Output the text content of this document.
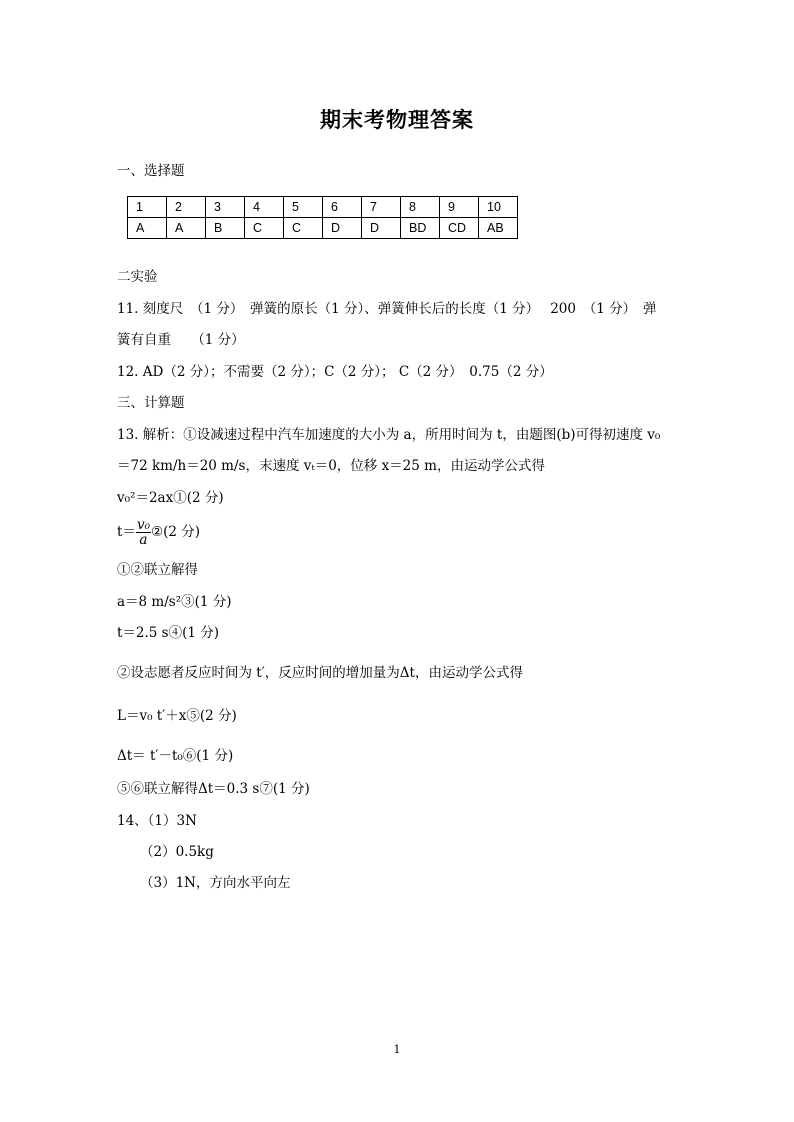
期末考物理答案
一、选择题
1	2	3	4	5	6	7	8	9	10
A	A	B	C	C	D	D	BD	CD	AB
二实验
11. 刻度尺　（1 分）　弹簧的原长（1 分）、弹簧伸长后的长度（1 分）　 200　（1 分）　弹
簧有自重　　（1 分）
12. AD（2 分）；不需要（2 分）；C（2 分）； C（2 分）　0.75（2 分）
三、计算题
13. 解析：①设减速过程中汽车加速度的大小为 a，所用时间为 t，由题图(b)可得初速度 v₀
＝72 km/h＝20 m/s，末速度 vₜ＝0，位移 x＝25 m，由运动学公式得
v₀²＝2ax①(2 分)
$t= \frac{\text{v₀}}{a}$ ②(2 分)
①②联立解得
a＝8 m/s²③(1 分)
t＝2.5 s④(1 分)
②设志愿者反应时间为 t′，反应时间的增加量为Δt，由运动学公式得
L＝v₀ t′＋x⑤(2 分)
Δt＝ t′－t₀⑥(1 分)
⑤⑥联立解得Δt＝0.3 s⑦(1 分)
14、（1）3N
（2）0.5kg
（3）1N，方向水平向左
1
